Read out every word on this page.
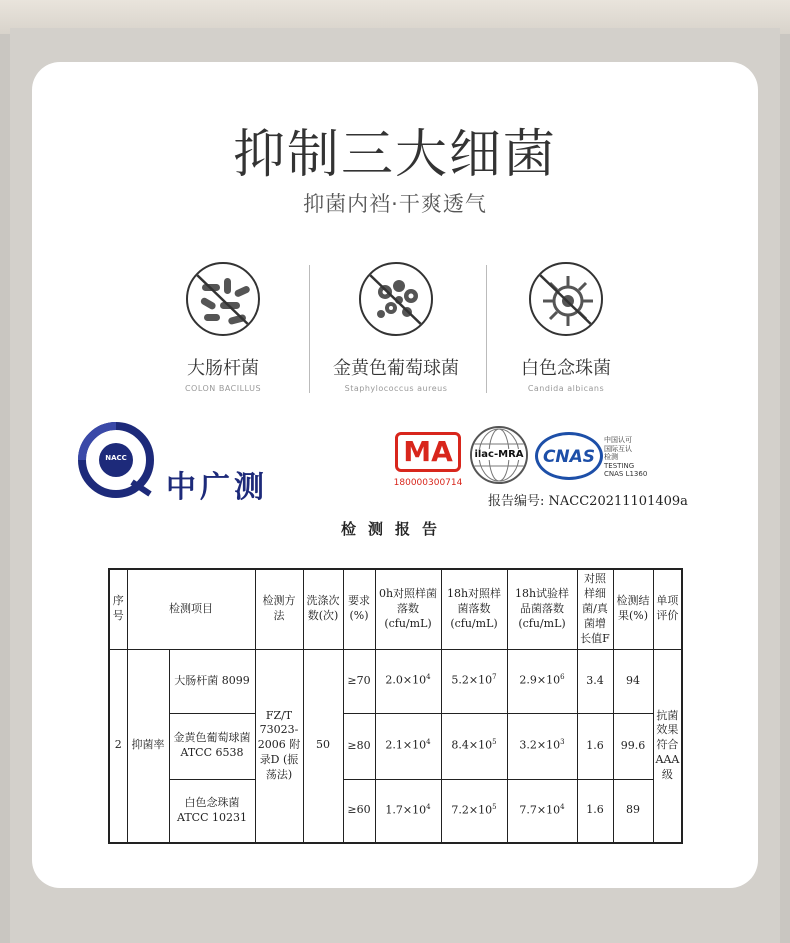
抑制三大细菌
抑菌内裆·干爽透气
大肠杆菌
COLON BACILLUS
金黄色葡萄球菌
Staphylococcus aureus
白色念珠菌
Candida albicans
NACC
中广测
MA
180000300714
ilac-MRA CNAS
中国认可
国际互认
检测
TESTING
CNAS L1360
报告编号: NACC20211101409a
检测报告
序号	检测项目		检测方法	洗涤次数(次)	要求(%)	0h对照样菌落数(cfu/mL)	18h对照样菌落数(cfu/mL)	18h试验样品菌落数(cfu/mL)	对照样细菌/真菌增长值F	检测结果(%)	单项评价
2	抑菌率	大肠杆菌 8099	FZ/T 73023-2006 附录D (振荡法)	50	≥70	$2.0\times 10^4$	$5.2\times 10^7$	$2.9\times 10^6$	3.4	94	抗菌效果符合AAA级
		金黄色葡萄球菌 ATCC 6538			≥80	$2.1\times 10^4$	$8.4\times 10^5$	$3.2\times 10^3$	1.6	99.6	
		白色念珠菌 ATCC 10231			≥60	$1.7\times 10^4$	$7.2\times 10^5$	$7.7\times 10^4$	1.6	89	
